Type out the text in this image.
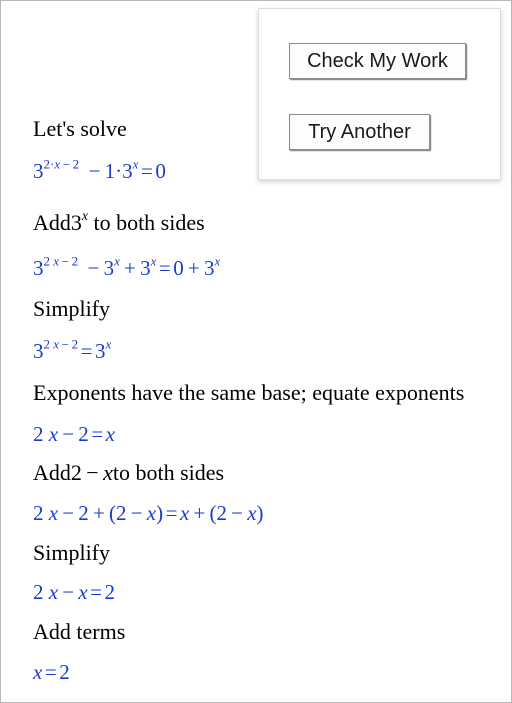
Check My Work
Try Another
Let's solve
$3^{2\cdot x - 2} - 1\cdot 3^x = 0$
Add3$^x$ to both sides
$3^{2 x - 2} - 3^x + 3^x = 0 + 3^x$
Simplify
$3^{2 x - 2} = 3^x$
Exponents have the same base; equate exponents
2 x − 2 = x
Add2 − xto both sides
2 x − 2 + (2 − x) = x + (2 − x)
Simplify
2 x − x = 2
Add terms
x = 2
